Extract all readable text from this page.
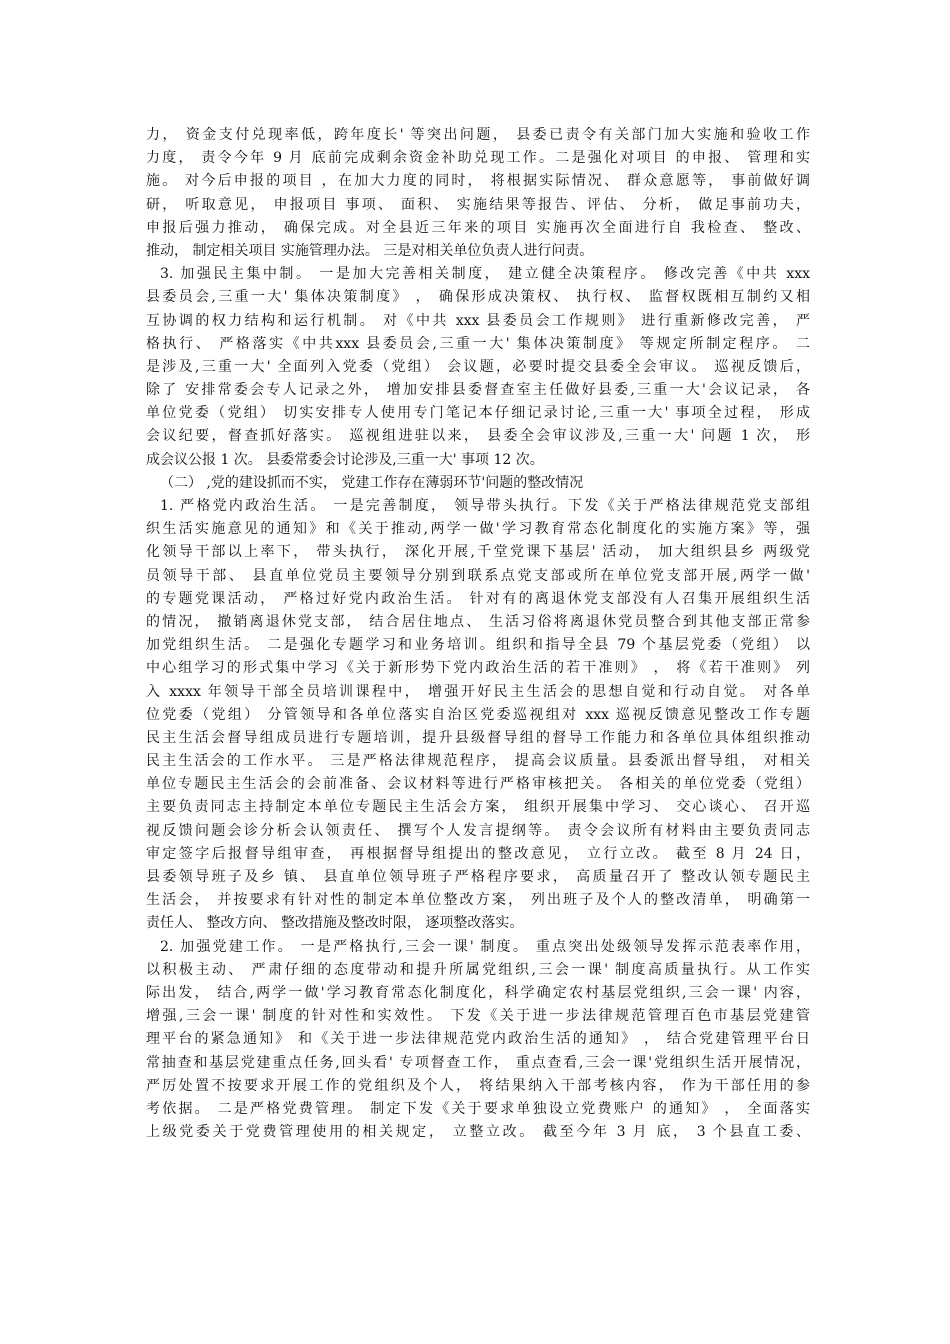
力， 资金支付兑现率低，跨年度长' 等突出问题， 县委已责令有关部门加大实施和验收工作
力度， 责令今年 9 月 底前完成剩余资金补助兑现工作。二是强化对项目 的申报、 管理和实
施。 对今后申报的项目 ，在加大力度的同时， 将根据实际情况、 群众意愿等， 事前做好调
研， 听取意见， 申报项目 事项、 面积、 实施结果等报告、评估、 分析， 做足事前功夫，
申报后强力推动， 确保完成。对全县近三年来的项目 实施再次全面进行自 我检查、 整改、
推动， 制定相关项目 实施管理办法。 三是对相关单位负责人进行问责。
3. 加强民主集中制。 一是加大完善相关制度， 建立健全决策程序。 修改完善《中共 xxx
县委员会,三重一大' 集体决策制度》 ， 确保形成决策权、 执行权、 监督权既相互制约又相
互协调的权力结构和运行机制。 对《中共 xxx 县委员会工作规则》 进行重新修改完善， 严
格执行、 严格落实《中共xxx 县委员会,三重一大' 集体决策制度》 等规定所制定程序。 二
是涉及,三重一大' 全面列入党委（党组） 会议题，必要时提交县委全会审议。 巡视反馈后，
除了 安排常委会专人记录之外， 增加安排县委督查室主任做好县委,三重一大'会议记录， 各
单位党委（党组） 切实安排专人使用专门笔记本仔细记录讨论,三重一大' 事项全过程， 形成
会议纪要，督查抓好落实。 巡视组进驻以来， 县委全会审议涉及,三重一大' 问题 1 次， 形
成会议公报 1 次。 县委常委会讨论涉及,三重一大' 事项 12 次。
（二） ,党的建设抓而不实， 党建工作存在薄弱环节'问题的整改情况
1. 严格党内政治生活。 一是完善制度， 领导带头执行。下发《关于严格法律规范党支部组
织生活实施意见的通知》和《关于推动,两学一做'学习教育常态化制度化的实施方案》等，强
化领导干部以上率下， 带头执行， 深化开展,千堂党课下基层' 活动， 加大组织县乡 两级党
员领导干部、 县直单位党员主要领导分别到联系点党支部或所在单位党支部开展,两学一做'
的专题党课活动， 严格过好党内政治生活。 针对有的离退休党支部没有人召集开展组织生活
的情况， 撤销离退休党支部， 结合居住地点、 生活习俗将离退休党员整合到其他支部正常参
加党组织生活。 二是强化专题学习和业务培训。组织和指导全县 79 个基层党委（党组） 以
中心组学习的形式集中学习《关于新形势下党内政治生活的若干准则》 ， 将《若干准则》 列
入 xxxx 年领导干部全员培训课程中， 增强开好民主生活会的思想自觉和行动自觉。 对各单
位党委（党组） 分管领导和各单位落实自治区党委巡视组对 xxx 巡视反馈意见整改工作专题
民主生活会督导组成员进行专题培训，提升县级督导组的督导工作能力和各单位具体组织推动
民主生活会的工作水平。 三是严格法律规范程序， 提高会议质量。县委派出督导组， 对相关
单位专题民主生活会的会前准备、会议材料等进行严格审核把关。 各相关的单位党委（党组）
主要负责同志主持制定本单位专题民主生活会方案， 组织开展集中学习、 交心谈心、 召开巡
视反馈问题会诊分析会认领责任、 撰写个人发言提纲等。 责令会议所有材料由主要负责同志
审定签字后报督导组审查， 再根据督导组提出的整改意见， 立行立改。 截至 8 月 24 日，
县委领导班子及乡 镇、 县直单位领导班子严格程序要求， 高质量召开了 整改认领专题民主
生活会， 并按要求有针对性的制定本单位整改方案， 列出班子及个人的整改清单， 明确第一
责任人、 整改方向、 整改措施及整改时限， 逐项整改落实。
2. 加强党建工作。 一是严格执行,三会一课' 制度。 重点突出处级领导发挥示范表率作用，
以积极主动、 严肃仔细的态度带动和提升所属党组织,三会一课' 制度高质量执行。从工作实
际出发， 结合,两学一做'学习教育常态化制度化，科学确定农村基层党组织,三会一课' 内容，
增强,三会一课' 制度的针对性和实效性。 下发《关于进一步法律规范管理百色市基层党建管
理平台的紧急通知》 和《关于进一步法律规范党内政治生活的通知》 ， 结合党建管理平台日
常抽查和基层党建重点任务,回头看' 专项督查工作， 重点查看,三会一课'党组织生活开展情况，
严厉处置不按要求开展工作的党组织及个人， 将结果纳入干部考核内容， 作为干部任用的参
考依据。 二是严格党费管理。 制定下发《关于要求单独设立党费账户 的通知》 ， 全面落实
上级党委关于党费管理使用的相关规定， 立整立改。 截至今年 3 月 底， 3 个县直工委、
